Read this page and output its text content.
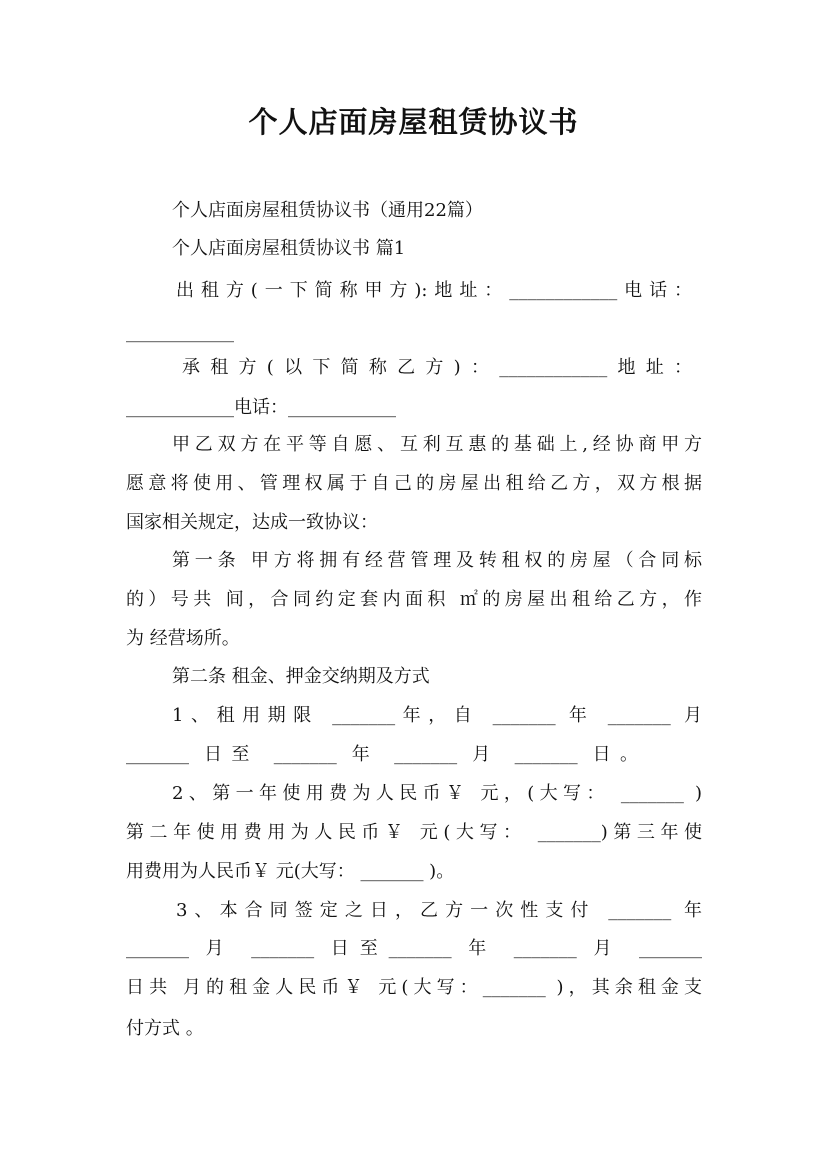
个人店面房屋租赁协议书
个人店面房屋租赁协议书（通用22篇）
个人店面房屋租赁协议书 篇1
出租方(一下简称甲方):地址：____________电话：
____________
承租方(以下简称乙方)：____________地址：
____________电话：____________
甲乙双方在平等自愿、互利互惠的基础上,经协商甲方
愿意将使用、管理权属于自己的房屋出租给乙方，双方根据
国家相关规定，达成一致协议：
第一条 甲方将拥有经营管理及转租权的房屋（合同标
的）号共 间，合同约定套内面积 ㎡的房屋出租给乙方，作
为 经营场所。
第二条 租金、押金交纳期及方式
1、租用期限 _______年，自 _______ 年 _______ 月
_______ 日至 _______ 年 _______ 月 _______ 日。
2、第一年使用费为人民币￥ 元，(大写： _______ )
第二年使用费用为人民币￥ 元(大写： _______)第三年使
用费用为人民币￥ 元(大写： _______ )。
3、本合同签定之日，乙方一次性支付 _______ 年
_______ 月 _______ 日至_______ 年 _______ 月 _______
日共 月的租金人民币￥ 元(大写：_______ )，其余租金支
付方式 。
